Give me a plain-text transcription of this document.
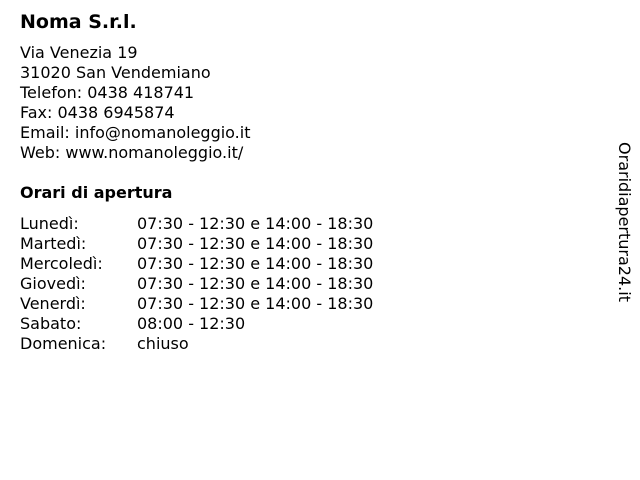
Noma S.r.l.
Via Venezia 19
31020 San Vendemiano
Telefon: 0438 418741
Fax: 0438 6945874
Email: info@nomanoleggio.it
Web: www.nomanoleggio.it/
Orari di apertura
Lunedì:	07:30 - 12:30 e 14:00 - 18:30
Martedì:	07:30 - 12:30 e 14:00 - 18:30
Mercoledì:	07:30 - 12:30 e 14:00 - 18:30
Giovedì:	07:30 - 12:30 e 14:00 - 18:30
Venerdì:	07:30 - 12:30 e 14:00 - 18:30
Sabato:	08:00 - 12:30
Domenica:	chiuso
Oraridiapertura24.it
